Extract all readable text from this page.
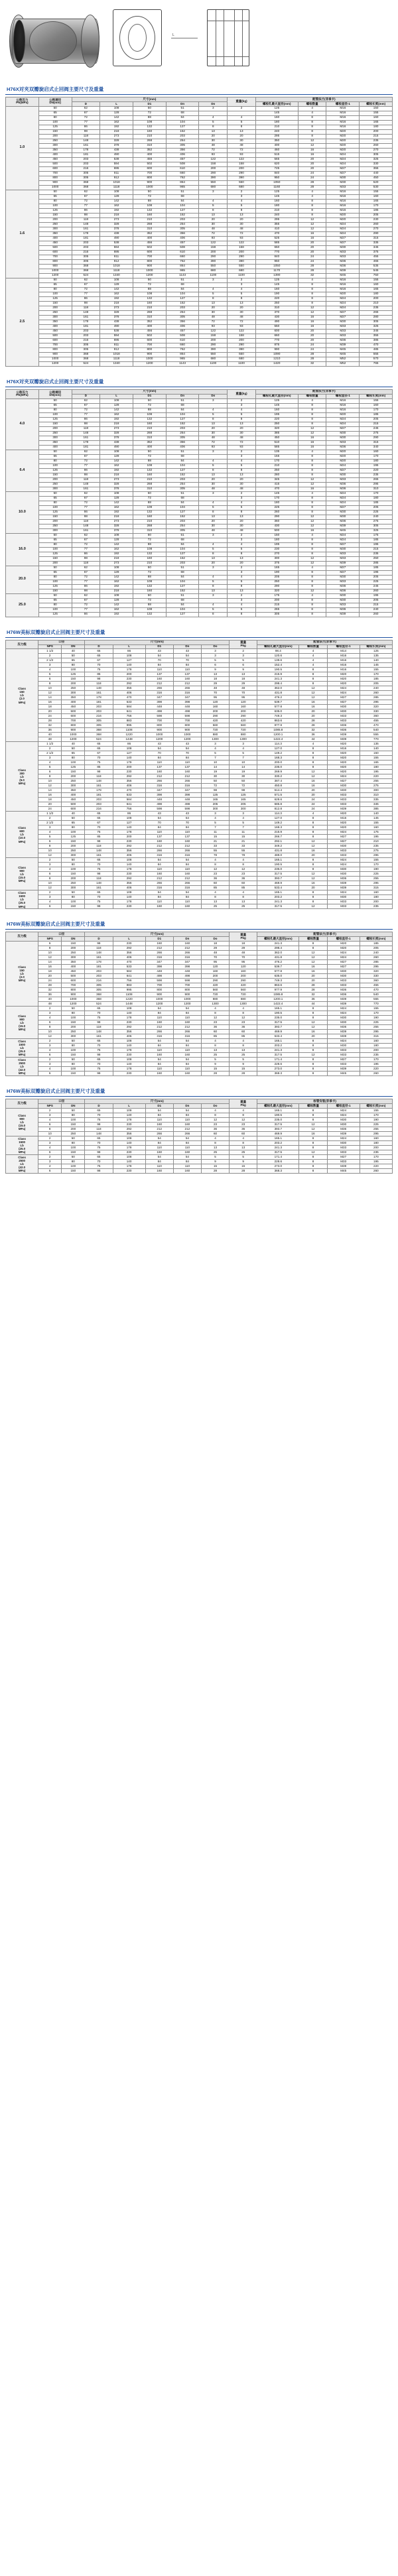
L
H76X对夹双瓣旋启式止回阀主要尺寸及重量
公称压力
PN(MPa)	公称通径
DN(mm)	尺寸(mm)					重量(kg)	配管法兰(非承卡)			
		D	L	D1	Dn	Do		螺栓孔最大直径(mm)	螺栓数量	螺栓直径-1	螺栓长度(mm)
1.0	50	62	108	50	51	3	2	125	4	M16	150
	65	67	128	72	68			145	4	M16	155
	80	72	142	88	84	4	4	160	8	M16	160
	100	77	162	108	104	5	5	180	8	M16	165
	125	86	192	132	127	8	8	210	8	M16	180
	150	98	218	160	152	13	13	240	8	M20	200
	200	118	273	210	203	20	20	295	8	M20	215
	250	148	328	268	254	30	30	350	12	M20	235
	300	161	378	310	305	48	48	400	12	M20	260
	350	178	438	352	356	72	72	460	16	M20	270
	400	181	490	400	406	93	93	515	16	M24	305
	450	203	538	456	457	122	122	565	20	M24	325
	500	203	594	502	508	158	158	620	20	M24	330
	600	216	695	600	610	200	200	725	20	M27	355
	700	305	811	700	660	290	290	840	24	M27	440
	800	305	912	800	762	390	390	950	24	M30	450
	900	368	1018	900	864	550	550	1050	28	M30	520
	1000	368	1118	1000	965	680	680	1160	28	M33	530
1.6	50	62	108	50	51	3	2	125	4	M16	155
	65	67	128	72	68		3	145	4	M16	160
	80	72	142	88	84	4	4	160	8	M16	165
	100	77	162	108	104	5	5	180	8	M16	170
	125	86	192	132	127	8	8	210	8	M16	185
	150	98	218	160	152	13	13	240	8	M20	205
	200	118	273	210	203	20	20	295	12	M20	230
	250	148	328	268	254	30	30	355	12	M24	260
	300	161	378	310	305	48	48	410	12	M24	270
	350	178	438	352	356	72	72	470	16	M24	290
	400	181	490	400	406	93	93	525	16	M27	315
	450	203	538	456	457	122	122	585	20	M27	335
	500	203	594	502	508	158	158	650	20	M30	345
	600	216	695	600	610	200	200	770	20	M33	375
	700	305	811	700	660	290	290	840	24	M33	455
	800	305	912	800	762	390	390	950	24	M36	465
	900	368	1018	900	864	550	550	1050	28	M36	535
	1000	368	1118	1000	965	680	680	1170	28	M39	545
	1200	524	1340	1200	1143	1100	1100	1390	32	M45	750
2.5	50	62	108	50	51	3	2	125	4	M16	155
	65	67	128	72	68		3	145	8	M16	160
	80	72	142	88	84	4	4	160	8	M16	165
	100	77	162	108	104	5	5	190	8	M20	180
	125	86	192	132	127	8	8	220	8	M24	200
	150	98	218	160	152	13	13	250	8	M24	210
	200	118	273	210	203	20	20	310	12	M24	235
	250	148	328	268	254	30	30	370	12	M27	265
	300	161	378	310	305	48	48	430	16	M27	280
	350	178	438	352	356	72	72	490	16	M30	305
	400	181	490	400	406	93	93	550	16	M33	325
	450	203	538	456	457	122	122	600	20	M33	345
	500	203	594	502	508	158	158	660	20	M33	355
	600	216	695	600	610	200	200	770	20	M36	385
	700	305	811	700	660	290	290	875	24	M39	470
	800	305	912	800	762	390	390	990	24	M45	485
	900	368	1018	900	864	550	550	1090	28	M45	555
	1000	368	1118	1000	965	680	680	1210	28	M52	570
	1200	524	1340	1200	1143	1100	1100	1420	32	M52	765
H76X对夹双瓣旋启式止回阀主要尺寸及重量
公称压力
PN(MPa)	公称通径
DN(mm)	尺寸(mm)					重量(kg)	配管法兰(非承卡)			
		D	L	D1	Dn	Do		螺栓孔最大直径(mm)	螺栓数量	螺栓直径-1	螺栓长度(mm)
4.0	50	62	108	50	51	3	2	125	4	M16	155
	65	67	128	72	68		3	145	8	M16	160
	80	72	142	88	84	4	4	160	8	M16	170
	100	77	162	108	104	5	5	195	8	M20	185
	125	86	192	132	127	8	8	220	8	M24	205
	150	98	218	160	152	13	13	250	8	M24	215
	200	118	273	210	203	20	20	320	12	M27	245
	250	148	328	268	254	30	30	385	12	M30	275
	300	161	378	310	305	48	48	450	16	M30	290
	350	178	438	352	356	72	72	510	16	M33	315
	400	181	490	400	406	93	93	585	16	M36	340
6.4	50	62	108	50	51	3	2	135	4	M20	160
	65	67	128	72	68		3	155	8	M20	170
	80	72	142	88	84	4	4	170	8	M20	180
	100	77	162	108	104	5	5	210	8	M24	195
	125	86	192	132	127	8	8	250	8	M27	220
	150	98	218	160	152	13	13	280	8	M30	235
	200	118	273	210	203	20	20	345	12	M33	265
	250	148	328	268	254	30	30	415	12	M36	295
	300	161	378	310	305	48	48	470	16	M36	310
10.0	50	62	108	50	51	3	2	145	4	M24	170
	65	67	128	72	68		3	170	8	M24	180
	80	72	142	88	84	4	4	180	8	M24	185
	100	77	162	108	104	5	5	225	8	M27	205
	125	86	192	132	127	8	8	260	8	M30	225
	150	98	218	160	152	13	13	290	12	M30	240
	200	118	273	210	203	20	20	360	12	M36	275
	250	148	328	268	254	30	30	430	12	M39	305
	300	161	378	310	305	48	48	500	16	M45	325
16.0	50	62	108	50	51	3	2	150	4	M24	175
	65	67	128	72	68		3	180	8	M24	185
	80	72	142	88	84	4	4	195	8	M27	195
	100	77	162	108	104	5	5	230	8	M30	215
	125	86	192	132	127	8	8	270	8	M33	235
	150	98	218	160	152	13	13	300	12	M33	250
	200	118	273	210	203	20	20	375	12	M39	285
20.0	50	62	108	50	51	3	2	165	4	M27	185
	65	67	128	72	68		3	190	8	M27	195
	80	72	142	88	84	4	4	205	8	M30	205
	100	77	162	108	104	5	5	250	8	M33	225
	125	86	192	132	127	8	8	290	8	M36	245
	150	98	218	160	152	13	13	320	12	M36	260
25.0	50	62	108	50	51	3	2	175	4	M30	195
	65	67	128	72	68		3	200	8	M30	205
	80	72	142	88	84	4	4	215	8	M33	215
	100	77	162	108	104	5	5	265	8	M36	240
	125	86	192	132	127	8	8	305	8	M39	260
H76W美标双瓣旋启式止回阀主要尺寸及重量
压力级	口径		尺寸(mm)					重量
Pkg	配管法兰(非承卡)			
	NPS	DN	D	L	D1	Dn	Do		螺栓孔最大直径(mm)	螺栓数量	螺栓直径-1	螺栓长度(mm)
Class
150
Lb
(2.0
MPa)	1 1/2	40	65	86	43	43	3	2	98.4	4	M14	125
	2	50	65	108	54	54	3	3	120.6	4	M16	135
	2 1/2	65	67	127	70	70	5	5	139.6	4	M16	140
	3	80	70	140	84	84	6	6	152.4	4	M16	145
	4	100	75	178	110	110	9	9	190.5	8	M16	155
	5	125	85	200	137	137	13	13	215.9	8	M20	170
	6	150	98	230	160	160	18	18	241.3	8	M20	185
	8	200	118	292	212	212	29	29	298.4	8	M20	205
	10	250	148	356	266	266	48	48	362.0	12	M24	240
	12	300	161	406	316	316	70	70	431.8	12	M24	260
	14	350	178	470	347	347	95	95	476.2	12	M27	285
	16	400	181	533	398	398	120	120	539.7	16	M27	295
	18	450	203	584	448	448	160	160	577.8	16	M30	320
	20	500	203	641	498	498	200	200	635.0	20	M30	330
	24	600	216	756	598	598	290	290	749.3	20	M33	360
	28	700	305	883	700	700	420	420	863.6	28	M33	455
	32	800	305	995	800	800	560	560	977.9	28	M36	470
	36	900	368	1108	900	900	720	720	1085.8	32	M36	540
	40	1000	368	1220	1000	1000	880	880	1200.1	36	M39	555
	48	1200	524	1448	1200	1200	1300	1300	1422.4	44	M39	770
Class
300
Lb
(5.0
MPa)	1 1/2	40	65	86	43	43	3	3	114.3	4	M20	135
	2	50	65	108	54	54	4	4	127.0	8	M16	140
	2 1/2	65	67	127	70	70	5	5	149.2	8	M20	150
	3	80	70	140	84	84	7	7	168.3	8	M20	155
	4	100	75	178	110	110	10	10	200.0	8	M20	165
	5	125	85	200	137	137	14	14	235.0	8	M20	180
	6	150	98	230	160	160	19	19	269.9	12	M20	195
	8	200	118	292	212	212	30	30	330.2	12	M24	220
	10	250	148	356	266	266	50	50	387.4	16	M27	255
	12	300	161	406	316	316	72	72	450.8	16	M30	275
	14	350	178	470	347	347	98	98	514.4	20	M30	300
	16	400	181	533	398	398	125	125	571.5	20	M33	310
	18	450	203	584	448	448	165	165	628.6	24	M33	335
	20	500	203	641	498	498	205	205	685.8	24	M33	345
	24	600	216	756	598	598	300	300	812.8	24	M39	385
Class
600
Lb
(10.0
MPa)	1 1/2	40	65	86	43	43	3	3	114.3	4	M20	140
	2	50	65	108	54	54	4	4	127.0	8	M16	145
	2 1/2	65	67	127	70	70	5	5	149.2	8	M20	155
	3	80	70	140	84	84	7	7	168.3	8	M20	160
	4	100	75	178	110	110	11	11	215.9	8	M24	175
	5	125	85	200	137	137	15	15	266.7	8	M27	195
	6	150	98	230	160	160	21	21	292.1	12	M27	210
	8	200	118	292	212	212	33	33	349.2	12	M30	235
	10	250	148	356	266	266	55	55	431.8	16	M33	275
	12	300	161	406	316	316	78	78	489.0	20	M33	295
Class
900
Lb
(15.0
MPa)	2	50	65	108	54	54	4	4	165.1	8	M24	155
	3	80	70	140	84	84	8	8	190.5	8	M24	170
	4	100	75	178	110	110	12	12	235.0	8	M30	190
	6	150	98	230	160	160	23	23	317.5	12	M30	225
	8	200	118	292	212	212	36	36	393.7	12	M36	255
	10	250	148	356	266	266	60	60	469.9	16	M39	295
	12	300	161	406	316	316	85	85	533.4	20	M39	315
Class
1500
Lb
(25.0
MPa)	2	50	65	108	54	54	4	4	165.1	8	M24	160
	3	80	70	140	84	84	8	8	203.2	8	M30	180
	4	100	75	178	110	110	13	13	241.3	8	M33	200
	6	150	98	230	160	160	25	25	317.5	12	M33	235
H76W美标双瓣旋启式止回阀主要尺寸及重量
压力级	口径		尺寸(mm)					重量
Pkg	配管法兰(非承卡)			
	NPS	DN	D	L	D1	Dn	Do		螺栓孔最大直径(mm)	螺栓数量	螺栓直径-1	螺栓长度(mm)
Class
150
Lb
(2.0
MPa)	6	150	98	230	160	160	18	18	241.3	8	M20	185
	8	200	118	292	212	212	29	29	298.4	8	M20	205
	10	250	148	356	266	266	48	48	362.0	12	M24	240
	12	300	161	406	316	316	70	70	431.8	12	M24	260
	14	350	178	470	347	347	95	95	476.2	12	M27	285
	16	400	181	533	398	398	120	120	539.7	16	M27	295
	18	450	203	584	448	448	160	160	577.8	16	M30	320
	20	500	203	641	498	498	200	200	635.0	20	M30	330
	24	600	216	756	598	598	290	290	749.3	20	M33	360
	28	700	305	883	700	700	420	420	863.6	28	M33	455
	32	800	305	995	800	800	560	560	977.9	28	M36	470
	36	900	368	1108	900	900	720	720	1085.8	32	M36	540
	40	1000	368	1220	1000	1000	880	880	1200.1	36	M39	555
	48	1200	524	1448	1200	1200	1300	1300	1422.4	44	M39	770
Class
900
Lb
(15.0
MPa)	2	50	65	108	54	54	4	4	165.1	8	M24	155
	3	80	70	140	84	84	8	8	190.5	8	M24	170
	4	100	75	178	110	110	12	12	235.0	8	M30	190
	6	150	98	230	160	160	23	23	317.5	12	M30	225
	8	200	118	292	212	212	36	36	393.7	12	M36	255
	10	250	148	356	266	266	60	60	469.9	16	M39	295
	12	300	161	406	316	316	85	85	533.4	20	M39	315
Class
1500
Lb
(25.0
MPa)	2	50	65	108	54	54	4	4	165.1	8	M24	160
	3	80	70	140	84	84	8	8	203.2	8	M30	180
	4	100	75	178	110	110	13	13	241.3	8	M33	200
	6	150	98	230	160	160	25	25	317.5	12	M33	235
Class
2500
Lb
(42.0
MPa)	2	50	65	108	54	54	5	5	171.4	8	M27	170
	3	80	70	140	84	84	9	9	228.6	8	M33	195
	4	100	75	178	110	110	15	15	273.0	8	M39	220
	6	150	98	230	160	160	28	28	368.3	8	M45	260
H76W美标双瓣旋启式止回阀主要尺寸及重量
压力级	口径		尺寸(mm)					重量
Pkg	标管安装(非承卡)			
	NPS	DN	D	L	D1	Dn	Do		螺栓孔最大直径(mm)	螺栓数量	螺栓直径-1	螺栓长度(mm)
Class
900
Lb
(15.0
MPa)	2	50	65	108	54	54	4	4	165.1	8	M24	155
	3	80	70	140	84	84	8	8	190.5	8	M24	170
	4	100	75	178	110	110	12	12	235.0	8	M30	190
	6	150	98	230	160	160	23	23	317.5	12	M30	225
	8	200	118	292	212	212	36	36	393.7	12	M36	255
	10	250	148	356	266	266	60	60	469.9	16	M39	295
Class
1500
Lb
(25.0
MPa)	2	50	65	108	54	54	4	4	165.1	8	M24	160
	3	80	70	140	84	84	8	8	203.2	8	M30	180
	4	100	75	178	110	110	13	13	241.3	8	M33	200
	6	150	98	230	160	160	25	25	317.5	12	M33	235
Class
2500
Lb
(42.0
MPa)	2	50	65	108	54	54	5	5	171.4	8	M27	170
	3	80	70	140	84	84	9	9	228.6	8	M33	195
	4	100	75	178	110	110	15	15	273.0	8	M39	220
	6	150	98	230	160	160	28	28	368.3	8	M45	260
